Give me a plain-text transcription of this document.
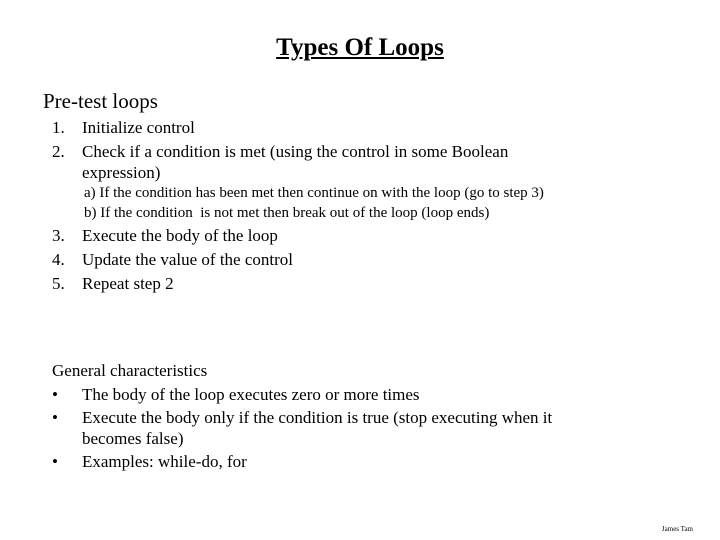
Types Of Loops
Pre-test loops
1.	Initialize control
2.	Check if a condition is met (using the control in some Boolean
expression)
a) If the condition has been met then continue on with the loop (go to step 3)
b) If the condition  is not met then break out of the loop (loop ends)
3.	Execute the body of the loop
4.	Update the value of the control
5.	Repeat step 2
General characteristics
•	The body of the loop executes zero or more times
•	Execute the body only if the condition is true (stop executing when it
becomes false)
•	Examples: while-do, for
James Tam
